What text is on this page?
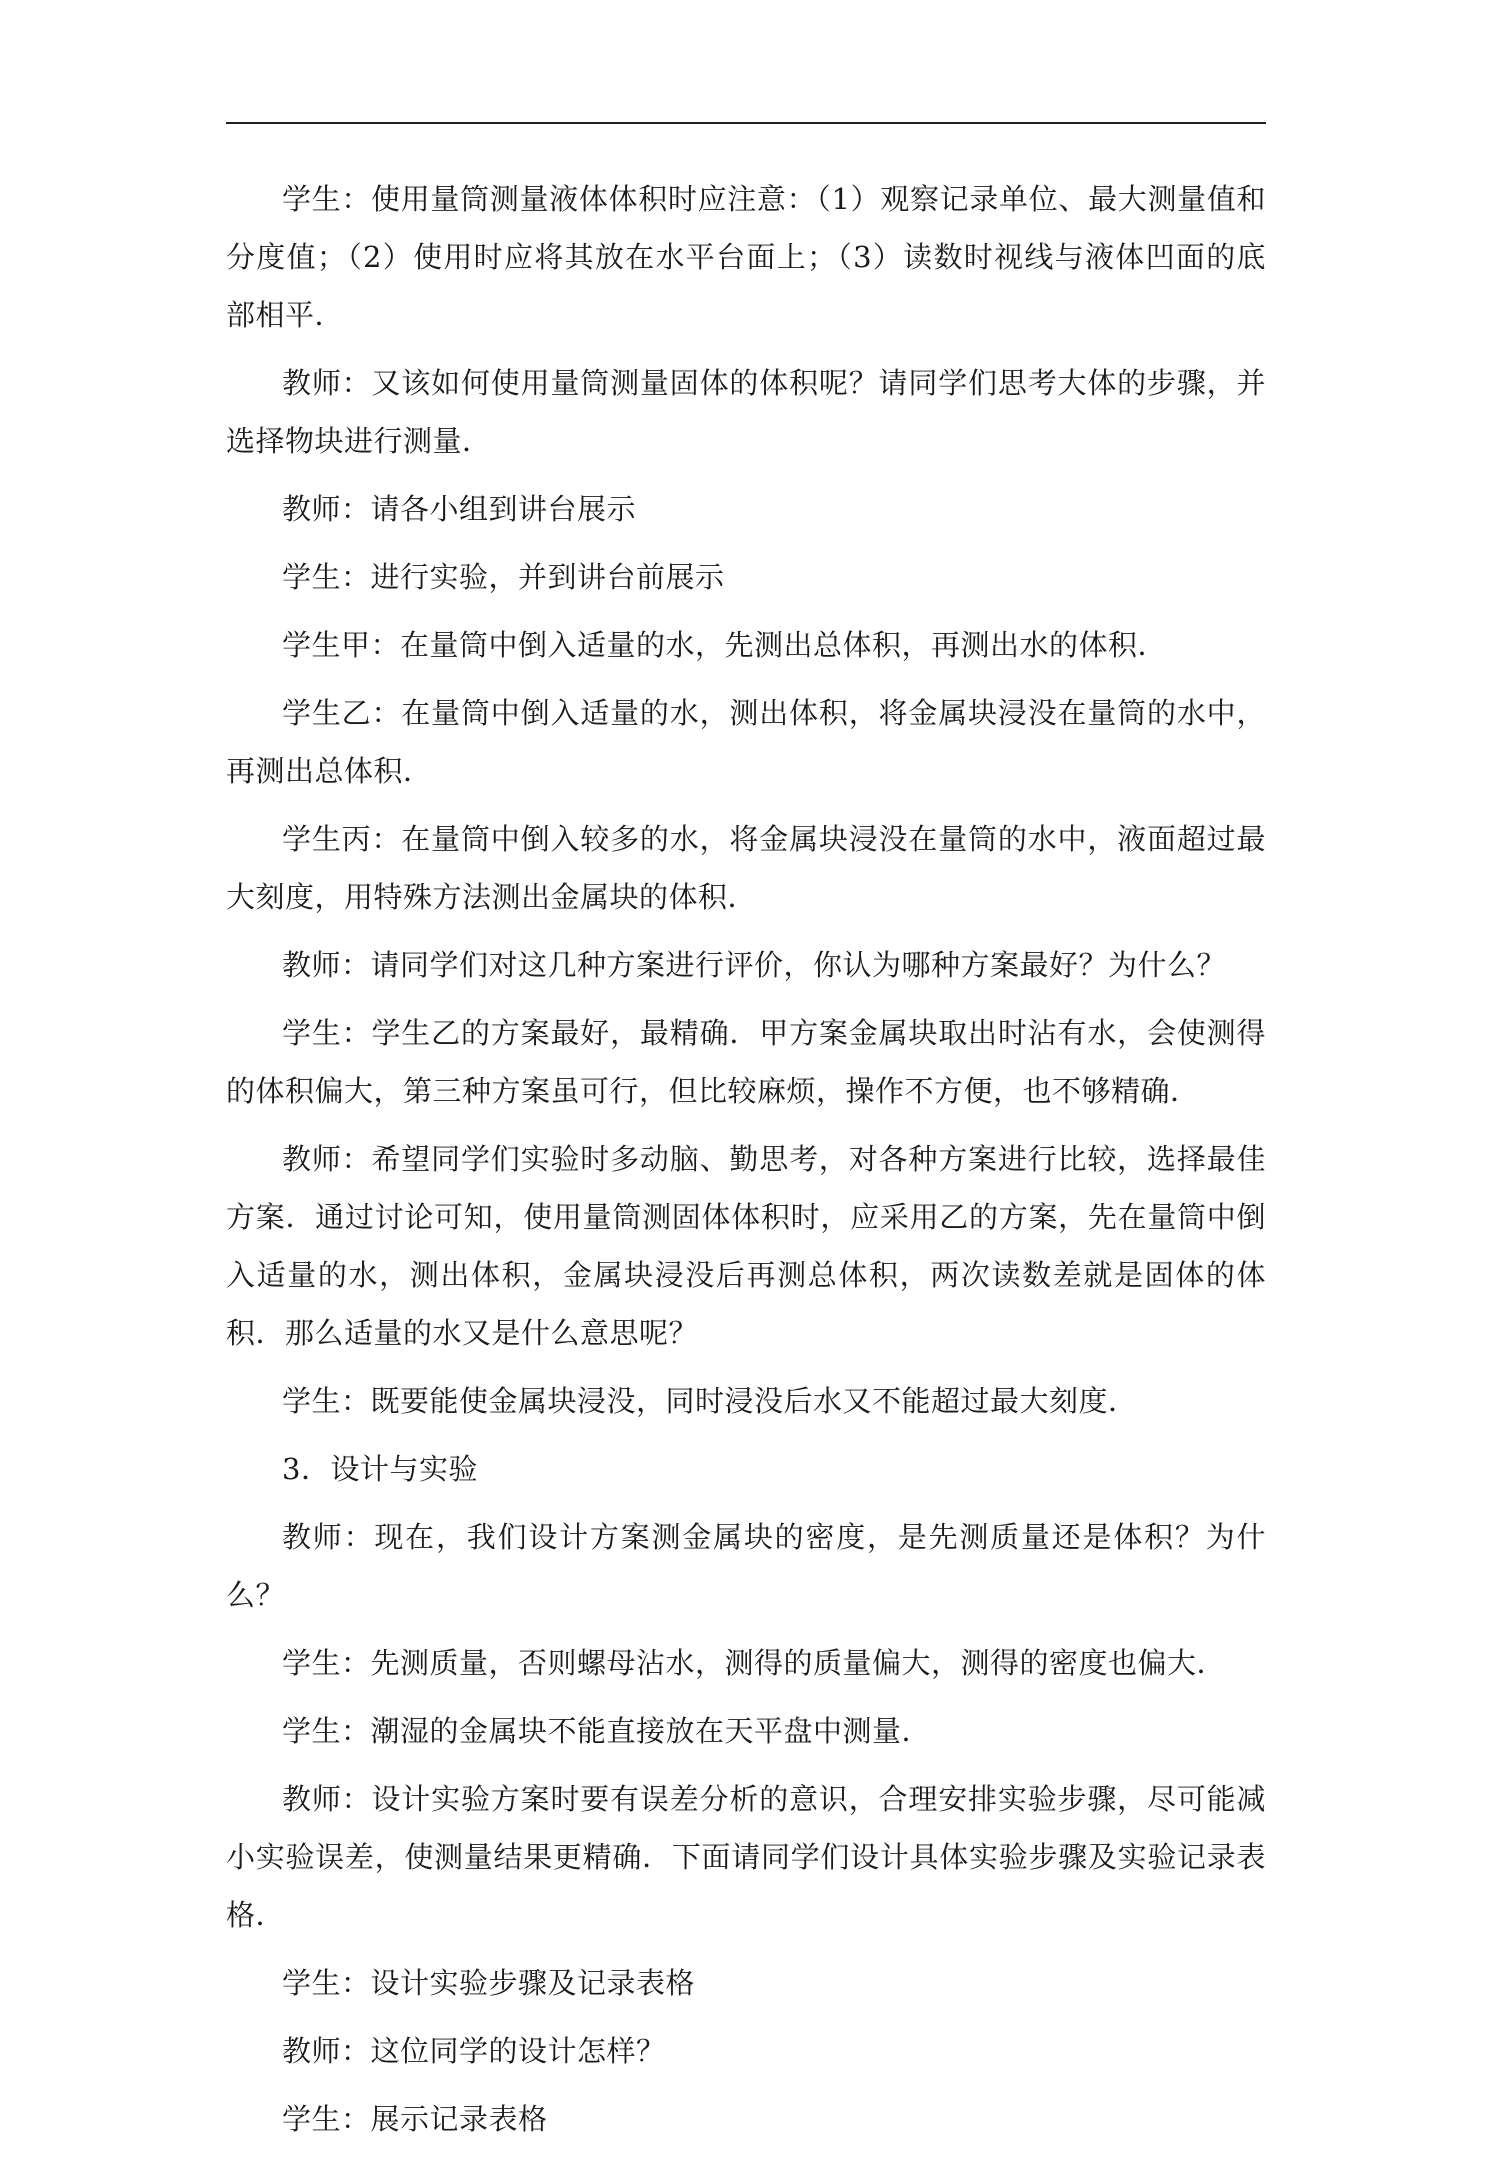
学生：使用量筒测量液体体积时应注意：（1）观察记录单位、最大测量值和分度值；（2）使用时应将其放在水平台面上；（3）读数时视线与液体凹面的底部相平．

教师：又该如何使用量筒测量固体的体积呢？请同学们思考大体的步骤，并选择物块进行测量．

教师：请各小组到讲台展示

学生：进行实验，并到讲台前展示

学生甲：在量筒中倒入适量的水，先测出总体积，再测出水的体积．

学生乙：在量筒中倒入适量的水，测出体积，将金属块浸没在量筒的水中，再测出总体积．

学生丙：在量筒中倒入较多的水，将金属块浸没在量筒的水中，液面超过最大刻度，用特殊方法测出金属块的体积．

教师：请同学们对这几种方案进行评价，你认为哪种方案最好？为什么？

学生：学生乙的方案最好，最精确．甲方案金属块取出时沾有水，会使测得的体积偏大，第三种方案虽可行，但比较麻烦，操作不方便，也不够精确．

教师：希望同学们实验时多动脑、勤思考，对各种方案进行比较，选择最佳方案．通过讨论可知，使用量筒测固体体积时，应采用乙的方案，先在量筒中倒入适量的水，测出体积，金属块浸没后再测总体积，两次读数差就是固体的体积．那么适量的水又是什么意思呢？

学生：既要能使金属块浸没，同时浸没后水又不能超过最大刻度．

3．设计与实验

教师：现在，我们设计方案测金属块的密度，是先测质量还是体积？为什么？

学生：先测质量，否则螺母沾水，测得的质量偏大，测得的密度也偏大．

学生：潮湿的金属块不能直接放在天平盘中测量．

教师：设计实验方案时要有误差分析的意识，合理安排实验步骤，尽可能减小实验误差，使测量结果更精确．下面请同学们设计具体实验步骤及实验记录表格．

学生：设计实验步骤及记录表格

教师：这位同学的设计怎样？

学生：展示记录表格
